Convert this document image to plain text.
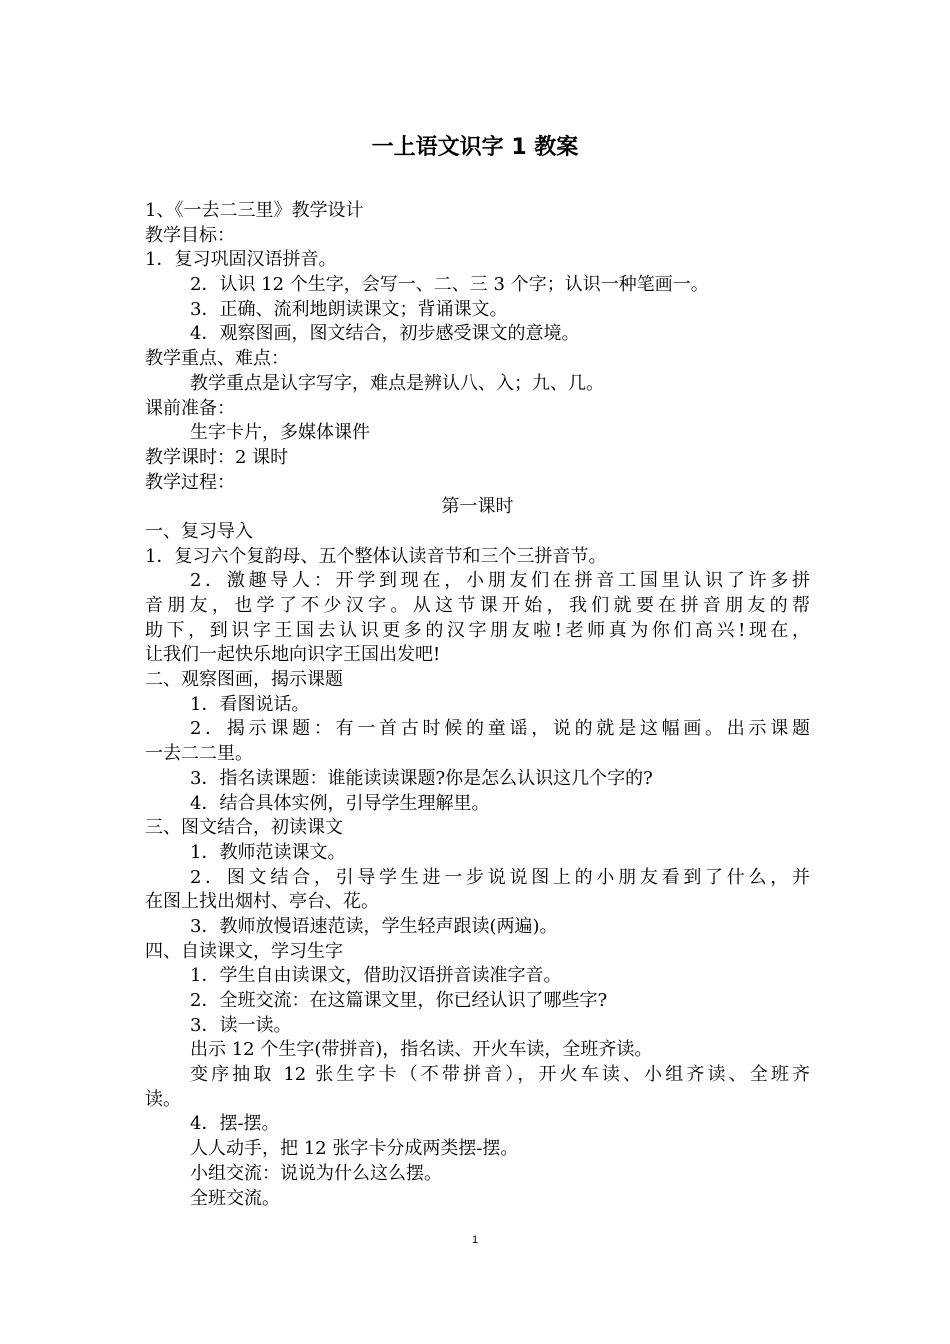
一上语文识字 1 教案
1、《一去二三里》教学设计
教学目标：
1．复习巩固汉语拼音。
2．认识 12 个生字，会写一、二、三 3 个字；认识一种笔画一。
3．正确、流利地朗读课文；背诵课文。
4．观察图画，图文结合，初步感受课文的意境。
教学重点、难点：
教学重点是认字写字，难点是辨认八、入；九、几。
课前准备：
生字卡片，多媒体课件
教学课时：2 课时
教学过程：
第一课时
一、复习导入
1．复习六个复韵母、五个整体认读音节和三个三拼音节。
2．激趣导人：开学到现在，小朋友们在拼音工国里认识了许多拼
音朋友，也学了不少汉字。从这节课开始，我们就要在拼音朋友的帮
助下，到识字王国去认识更多的汉字朋友啦!老师真为你们高兴!现在，
让我们一起快乐地向识字王国出发吧!
二、观察图画，揭示课题
1．看图说话。
2．揭示课题：有一首古时候的童谣，说的就是这幅画。出示课题
一去二二里。
3．指名读课题：谁能读读课题?你是怎么认识这几个字的?
4．结合具体实例，引导学生理解里。
三、图文结合，初读课文
1．教师范读课文。
2．图文结合，引导学生进一步说说图上的小朋友看到了什么，并
在图上找出烟村、亭台、花。
3．教师放慢语速范读，学生轻声跟读(两遍)。
四、自读课文，学习生字
1．学生自由读课文，借助汉语拼音读准字音。
2．全班交流：在这篇课文里，你已经认识了哪些字?
3．读一读。
出示 12 个生字(带拼音)，指名读、开火车读，全班齐读。
变序抽取 12 张生字卡（不带拼音），开火车读、小组齐读、全班齐
读。
4．摆-摆。
人人动手，把 12 张字卡分成两类摆-摆。
小组交流：说说为什么这么摆。
全班交流。
1
